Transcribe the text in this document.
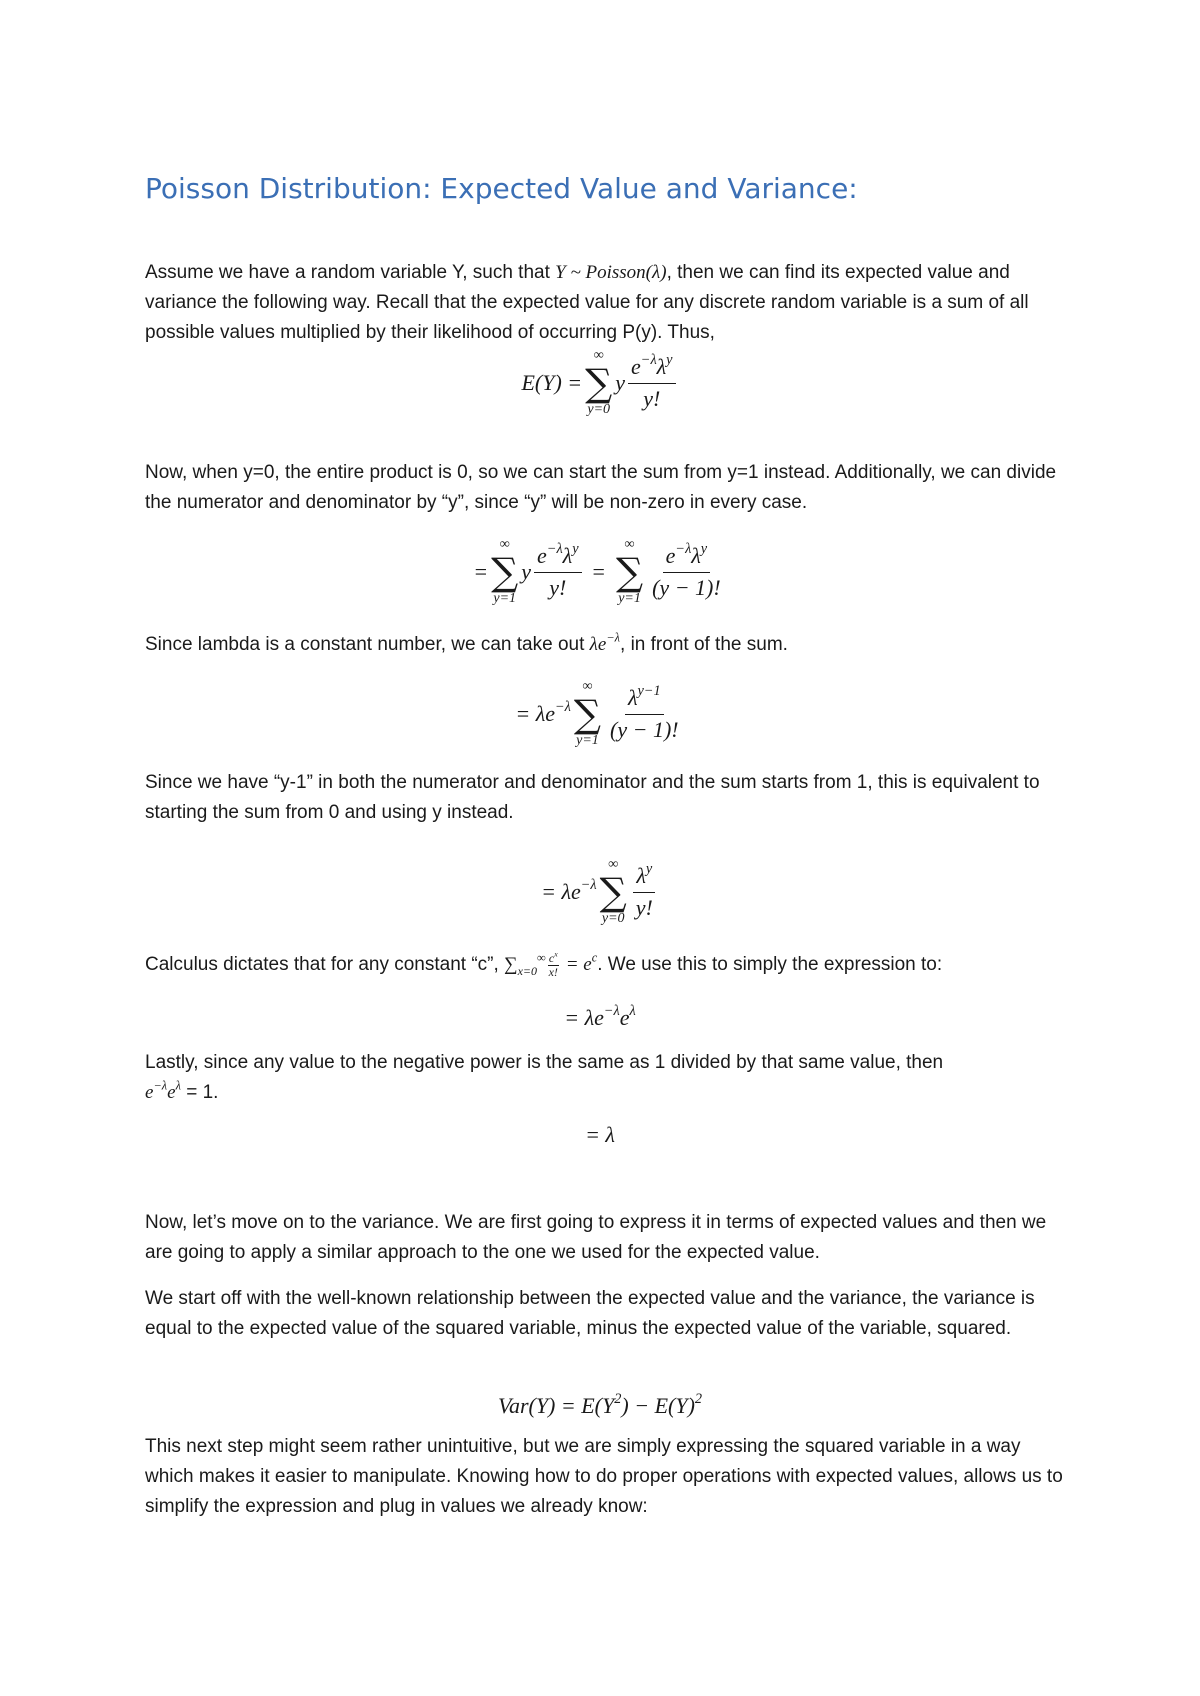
Poisson Distribution: Expected Value and Variance:

Assume we have a random variable Y, such that Y ~ Poisson(λ), then we can find its expected value and variance the following way. Recall that the expected value for any discrete random variable is a sum of all possible values multiplied by their likelihood of occurring P(y). Thus,

E(Y) =
∞
∑
y=0
y $\frac{e^{-\lambda}\lambda^y}{y!}$

Now, when y=0, the entire product is 0, so we can start the sum from y=1 instead. Additionally, we can divide the numerator and denominator by “y”, since “y” will be non-zero in every case.

=
∞
∑
y=1
y $\frac{e^{-\lambda}\lambda^y}{y!}$ =
∞
∑
$y=1 \frac{e^{-\lambda}\lambda^y}{(y - 1)!}$

Since lambda is a constant number, we can take out $\lambda e^{-\lambda}$, in front of the sum.

= $\lambda e^{-\lambda}$
∞
∑
$y=1 \frac{\lambda^{y-1}}{(y - 1)!}$

Since we have “y-1” in both the numerator and denominator and the sum starts from 1, this is equivalent to starting the sum from 0 and using y instead.

= $\lambda e^{-\lambda}$
∞
∑
$y=0 \frac{\lambda^y}{y!}$

Calculus dictates that for any constant “c”, $\sum_{x=0}^\infty \frac{c^x}{x!} = e^c$. We use this to simply the expression to:

= $\lambda e^{-\lambda}e^\lambda$

Lastly, since any value to the negative power is the same as 1 divided by that same value, then
$e^{-\lambda}e^\lambda = 1$.

= λ

Now, let’s move on to the variance. We are first going to express it in terms of expected values and then we are going to apply a similar approach to the one we used for the expected value.

We start off with the well-known relationship between the expected value and the variance, the variance is equal to the expected value of the squared variable, minus the expected value of the variable, squared.

$Var(Y) = E(Y^2) - E(Y)^2$

This next step might seem rather unintuitive, but we are simply expressing the squared variable in a way which makes it easier to manipulate. Knowing how to do proper operations with expected values, allows us to simplify the expression and plug in values we already know:
